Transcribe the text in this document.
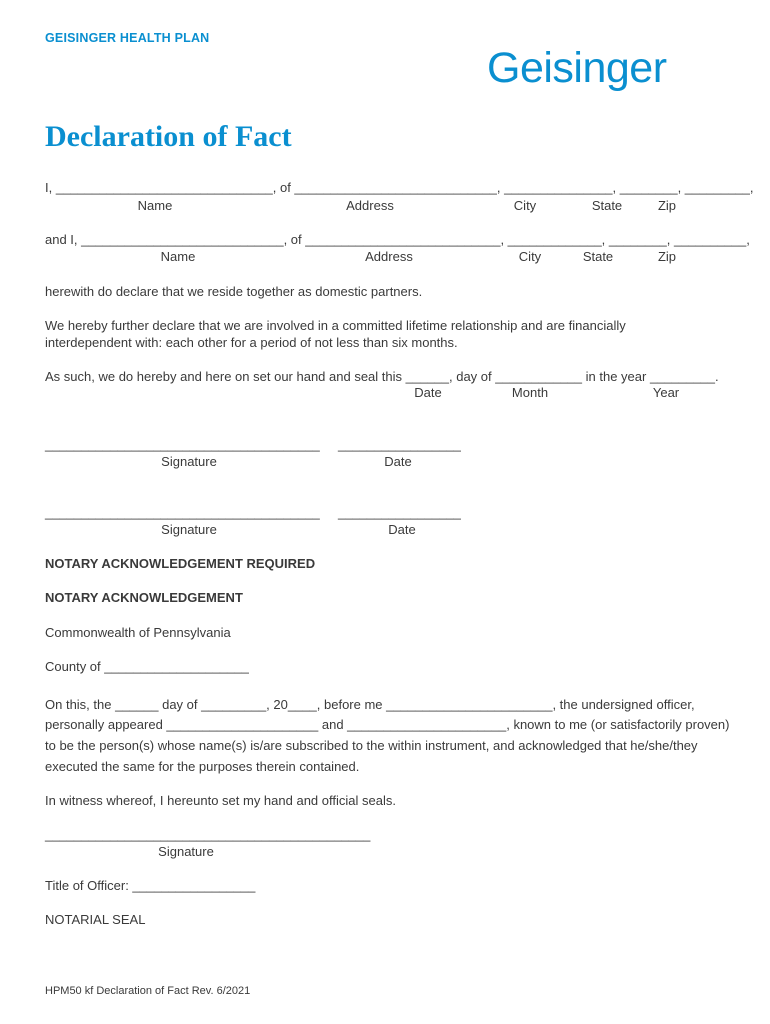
GEISINGER HEALTH PLAN
Geisinger
Declaration of Fact
I, ______________________________, of ____________________________, _______________, ________, _________,
Name	Address	City	State	Zip
and I, ____________________________, of ___________________________, _____________, ________, __________,
Name	Address	City	State	Zip
herewith do declare that we reside together as domestic partners.
We hereby further declare that we are involved in a committed lifetime relationship and are financially
interdependent with: each other for a period of not less than six months.
As such, we do hereby and here on set our hand and seal this ______, day of ____________ in the year _________.
Date	Month	Year
______________________________________ _________________
Signature	Date
______________________________________ _________________
Signature	Date
NOTARY ACKNOWLEDGEMENT REQUIRED
NOTARY ACKNOWLEDGEMENT
Commonwealth of Pennsylvania
County of ____________________
On this, the ______ day of _________, 20____, before me _______________________, the undersigned officer,
personally appeared _____________________ and ______________________, known to me (or satisfactorily proven)
to be the person(s) whose name(s) is/are subscribed to the within instrument, and acknowledged that he/she/they
executed the same for the purposes therein contained.
In witness whereof, I hereunto set my hand and official seals.
_____________________________________________
Signature
Title of Officer: _________________
NOTARIAL SEAL
HPM50 kf Declaration of Fact Rev. 6/2021
